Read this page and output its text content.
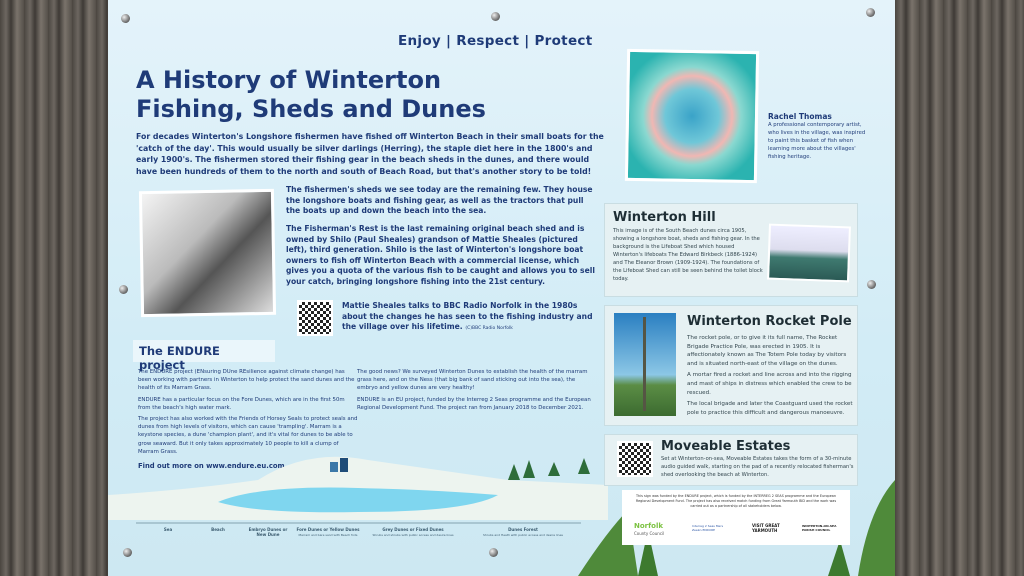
Enjoy | Respect | Protect
A History of Winterton
Fishing, Sheds and Dunes
For decades Winterton's Longshore fishermen have fished off Winterton Beach in their small boats for the 'catch of the day'. This would usually be silver darlings (Herring), the staple diet here in the 1800's and early 1900's. The fishermen stored their fishing gear in the beach sheds in the dunes, and there would have been hundreds of them to the north and south of Beach Road, but that's another story to be told!
The fishermen's sheds we see today are the remaining few. They house the longshore boats and fishing gear, as well as the tractors that pull the boats up and down the beach into the sea.
The Fisherman's Rest is the last remaining original beach shed and is owned by Shilo (Paul Sheales) grandson of Mattie Sheales (pictured left), third generation. Shilo is the last of Winterton's longshore boat owners to fish off Winterton Beach with a commercial license, which gives you a quota of the various fish to be caught and allows you to sell your catch, bringing longshore fishing into the 21st century.
Mattie Sheales talks to BBC Radio Norfolk in the 1980s about the changes he has seen to the fishing industry and the village over his lifetime. (C)BBC Radio Norfolk
The ENDURE project

The ENDURE project (ENsuring DUne REsilience against climate change) has been working with partners in Winterton to help protect the sand dunes and the health of its Marram Grass.

ENDURE has a particular focus on the Fore Dunes, which are in the first 50m from the beach's high water mark.

The project has also worked with the Friends of Horsey Seals to protect seals and dunes from high levels of visitors, which can cause 'trampling'. Marram is a keystone species, a dune 'champion plant', and it's vital for dunes to be able to grow seaward. But it only takes approximately 10 people to kill a clump of Marram Grass.

Find out more on www.endure.eu.com

The good news? We surveyed Winterton Dunes to establish the health of the marram grass here, and on the Ness (that big bank of sand sticking out into the sea), the embryo and yellow dunes are very healthy!

ENDURE is an EU project, funded by the Interreg 2 Seas programme and the European Regional Development Fund. The project ran from January 2018 to December 2021.

Sea	Beach	Embryo Dunes or New Dune
Fore Dunes or Yellow Dunes
Marram and bare sand with Beach fods
Grey Dunes or Fixed Dunes
Shrubs and shrubs with public access and desire lines
Dunes Forest
Shrubs and Heath with public access and desire lines
Rachel Thomas
A professional contemporary artist, who lives in the village, was inspired to paint this basket of fish when learning more about the villages' fishing heritage.
Winterton Hill

This image is of the South Beach dunes circa 1905, showing a longshore boat, sheds and fishing gear. In the background is the Lifeboat Shed which housed Winterton's lifeboats The Edward Birkbeck (1886-1924) and The Eleanor Brown (1909-1924). The foundations of the Lifeboat Shed can still be seen behind the toilet block today.

Winterton Rocket Pole

The rocket pole, or to give it its full name, The Rocket Brigade Practice Pole, was erected in 1905. It is affectionately known as The Totem Pole today by visitors and is situated north-east of the village on the dunes.

A mortar fired a rocket and line across and into the rigging and mast of ships in distress which enabled the crew to be rescued.

The local brigade and later the Coastguard used the rocket pole to practice this difficult and dangerous manoeuvre.

Moveable Estates

Set at Winterton-on-sea, Moveable Estates takes the form of a 30-minute audio guided walk, starting on the pad of a recently relocated fisherman's shed overlooking the beach at Winterton.

This sign was funded by the ENDURE project, which is funded by the INTERREG 2 SEAS programme and the European Regional Development Fund. The project has also received match funding from Great Yarmouth BID and the work was carried out as a partnership of all stakeholders below.

Norfolk
County Council
Interreg 2 Seas Mers Zeeën ENDURE
VISIT GREAT YARMOUTH
WINTERTON-ON-SEA PARISH COUNCIL
